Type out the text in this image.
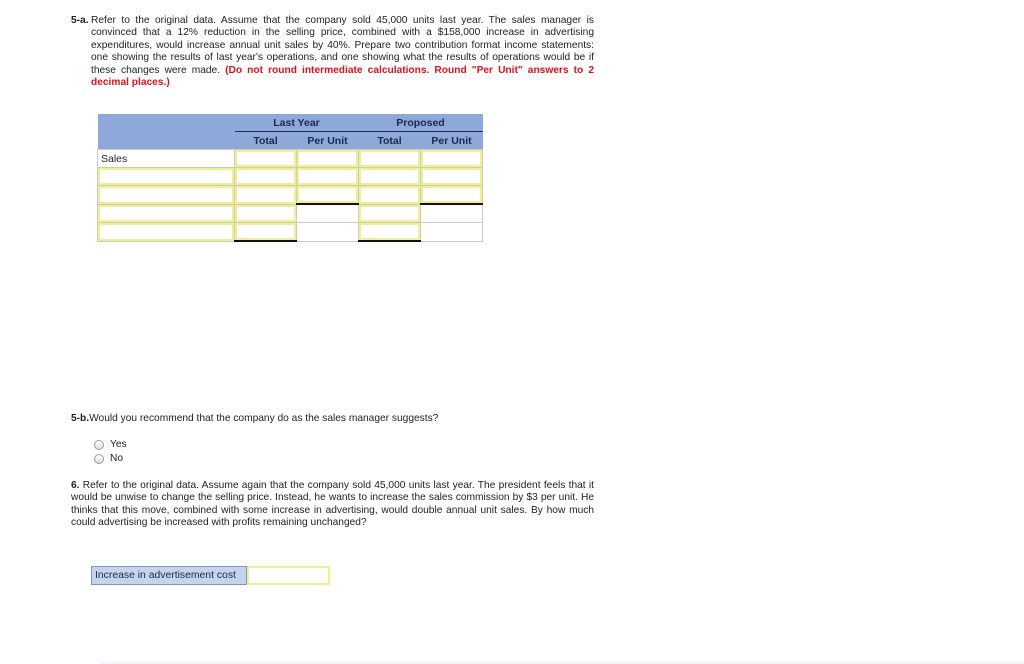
5-a. Refer to the original data. Assume that the company sold 45,000 units last year. The sales manager is convinced that a 12% reduction in the selling price, combined with a $158,000 increase in advertising expenditures, would increase annual unit sales by 40%. Prepare two contribution format income statements: one showing the results of last year's operations, and one showing what the results of operations would be if these changes were made. (Do not round intermediate calculations. Round "Per Unit" answers to 2 decimal places.)
	Last Year		Proposed	
	Total	Per Unit	Total	Per Unit
Sales	

5-b.Would you recommend that the company do as the sales manager suggests?
Yes
No
6. Refer to the original data. Assume again that the company sold 45,000 units last year. The president feels that it would be unwise to change the selling price. Instead, he wants to increase the sales commission by $3 per unit. He thinks that this move, combined with some increase in advertising, would double annual unit sales. By how much could advertising be increased with profits remaining unchanged?
Increase in advertisement cost
